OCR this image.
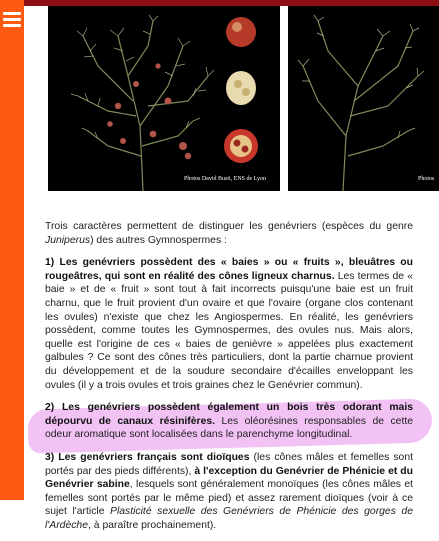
Photos David Busti, ENS de Lyon	Photos

Trois caractères permettent de distinguer les genévriers (espèces du genre Juniperus) des autres Gymnospermes :

1) Les genévriers possèdent des « baies » ou « fruits », bleuâtres ou rougeâtres, qui sont en réalité des cônes ligneux charnus. Les termes de « baie » et de « fruit » sont tout à fait incorrects puisqu'une baie est un fruit charnu, que le fruit provient d'un ovaire et que l'ovaire (organe clos contenant les ovules) n'existe que chez les Angiospermes. En réalité, les genévriers possèdent, comme toutes les Gymnospermes, des ovules nus. Mais alors, quelle est l'origine de ces « baies de genièvre » appelées plus exactement galbules ? Ce sont des cônes très particuliers, dont la partie charnue provient du développement et de la soudure secondaire d'écailles enveloppant les ovules (il y a trois ovules et trois graines chez le Genévrier commun).

2) Les genévriers possèdent également un bois très odorant mais dépourvu de canaux résinifères. Les oléorésines responsables de cette odeur aromatique sont localisées dans le parenchyme longitudinal.

3) Les genévriers français sont dioïques (les cônes mâles et femelles sont portés par des pieds différents), à l'exception du Genévrier de Phénicie et du Genévrier sabine, lesquels sont généralement monoïques (les cônes mâles et femelles sont portés par le même pied) et assez rarement dioïques (voir à ce sujet l'article Plasticité sexuelle des Genévriers de Phénicie des gorges de l'Ardèche, à paraître prochainement).
